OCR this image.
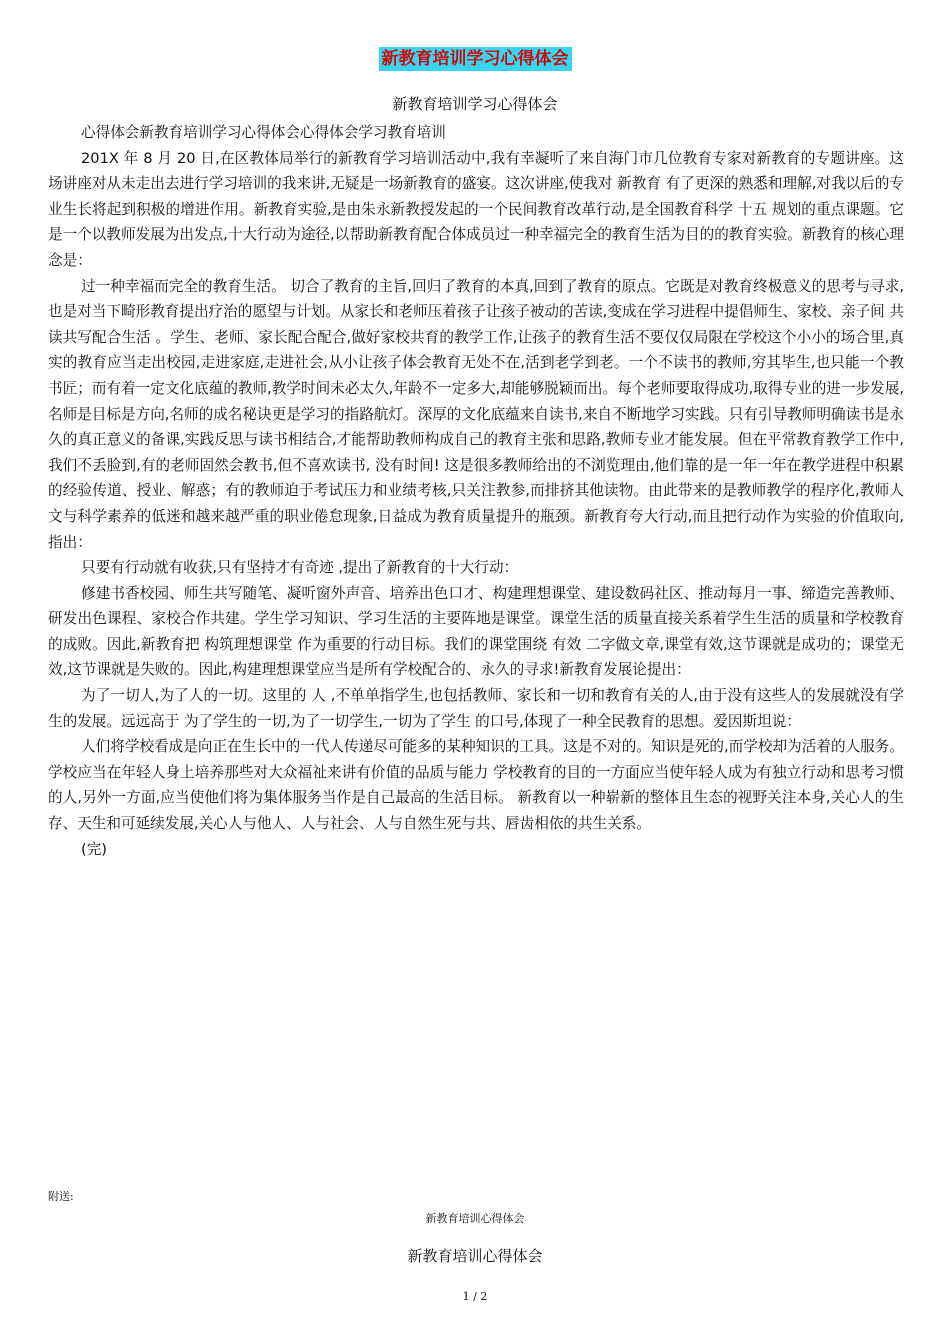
新教育培训学习心得体会
新教育培训学习心得体会

心得体会新教育培训学习心得体会心得体会学习教育培训

201X 年 8 月 20 日,在区教体局举行的新教育学习培训活动中,我有幸凝听了来自海门市几位教育专家对新教育的专题讲座。这场讲座对从未走出去进行学习培训的我来讲,无疑是一场新教育的盛宴。这次讲座,使我对 新教育 有了更深的熟悉和理解,对我以后的专业生长将起到积极的增进作用。新教育实验,是由朱永新教授发起的一个民间教育改革行动,是全国教育科学 十五 规划的重点课题。它是一个以教师发展为出发点,十大行动为途径,以帮助新教育配合体成员过一种幸福完全的教育生活为目的的教育实验。新教育的核心理念是：

过一种幸福而完全的教育生活。 切合了教育的主旨,回归了教育的本真,回到了教育的原点。它既是对教育终极意义的思考与寻求,也是对当下畸形教育提出疗治的愿望与计划。从家长和老师压着孩子让孩子被动的苦读,变成在学习进程中提倡师生、家校、亲子间 共读共写配合生活 。学生、老师、家长配合配合,做好家校共育的教学工作,让孩子的教育生活不要仅仅局限在学校这个小小的场合里,真实的教育应当走出校园,走进家庭,走进社会,从小让孩子体会教育无处不在,活到老学到老。一个不读书的教师,穷其毕生,也只能一个教书匠；而有着一定文化底蕴的教师,教学时间未必太久,年龄不一定多大,却能够脱颖而出。每个老师要取得成功,取得专业的进一步发展,名师是目标是方向,名师的成名秘诀更是学习的指路航灯。深厚的文化底蕴来自读书,来自不断地学习实践。只有引导教师明确读书是永久的真正意义的备课,实践反思与读书相结合,才能帮助教师构成自己的教育主张和思路,教师专业才能发展。但在平常教育教学工作中,我们不丢脸到,有的老师固然会教书,但不喜欢读书, 没有时间! 这是很多教师给出的不浏览理由,他们靠的是一年一年在教学进程中积累的经验传道、授业、解惑；有的教师迫于考试压力和业绩考核,只关注教参,而排挤其他读物。由此带来的是教师教学的程序化,教师人文与科学素养的低迷和越来越严重的职业倦怠现象,日益成为教育质量提升的瓶颈。新教育夸大行动,而且把行动作为实验的价值取向,指出：

只要有行动就有收获,只有坚持才有奇迹 ,提出了新教育的十大行动：

修建书香校园、师生共写随笔、凝听窗外声音、培养出色口才、构建理想课堂、建设数码社区、推动每月一事、缔造完善教师、研发出色课程、家校合作共建。学生学习知识、学习生活的主要阵地是课堂。课堂生活的质量直接关系着学生生活的质量和学校教育的成败。因此,新教育把 构筑理想课堂 作为重要的行动目标。我们的课堂围绕 有效 二字做文章,课堂有效,这节课就是成功的；课堂无效,这节课就是失败的。因此,构建理想课堂应当是所有学校配合的、永久的寻求!新教育发展论提出：

为了一切人,为了人的一切。这里的 人 ,不单单指学生,也包括教师、家长和一切和教育有关的人,由于没有这些人的发展就没有学生的发展。远远高于 为了学生的一切,为了一切学生,一切为了学生 的口号,体现了一种全民教育的思想。爱因斯坦说：

人们将学校看成是向正在生长中的一代人传递尽可能多的某种知识的工具。这是不对的。知识是死的,而学校却为活着的人服务。学校应当在年轻人身上培养那些对大众福祉来讲有价值的品质与能力 学校教育的目的一方面应当使年轻人成为有独立行动和思考习惯的人,另外一方面,应当使他们将为集体服务当作是自己最高的生活目标。 新教育以一种崭新的整体且生态的视野关注本身,关心人的生存、天生和可延续发展,关心人与他人、人与社会、人与自然生死与共、唇齿相依的共生关系。

(完)

附送:
新教育培训心得体会
新教育培训心得体会
1 / 2
